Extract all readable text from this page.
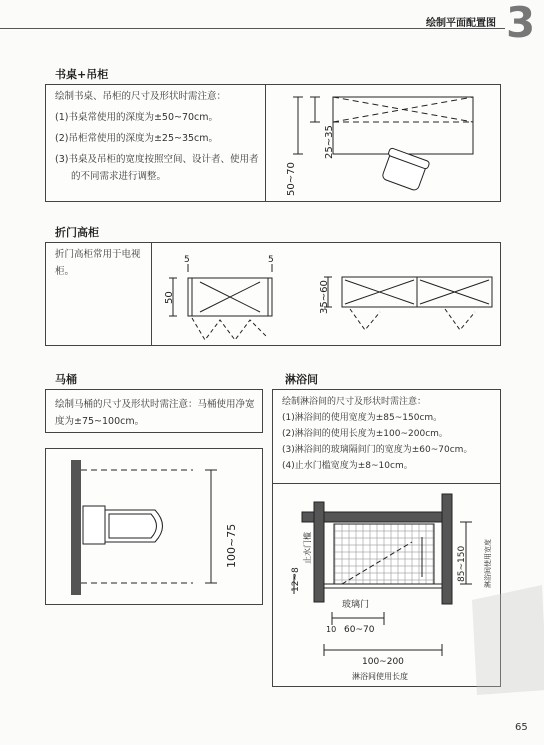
绘制平面配置图 3
书桌+吊柜

绘制书桌、吊柜的尺寸及形状时需注意：

(1)书桌常使用的深度为±50~70cm。

(2)吊柜常使用的深度为±25~35cm。

(3)书桌及吊柜的宽度按照空间、设计者、使用者的不同需求进行调整。	50~70
25~35
折门高柜
折门高柜常用于电视柜。
5	5
50	35~60
马桶
绘制马桶的尺寸及形状时需注意：马桶使用净宽度为±75~100cm。
100~75
淋浴间

绘制淋浴间的尺寸及形状时需注意：

(1)淋浴间的使用宽度为±85~150cm。

(2)淋浴间的使用长度为±100~200cm。

(3)淋浴间的玻璃隔间门的宽度为±60~70cm。

(4)止水门槛宽度为±8~10cm。

止水门槛
12~8
玻璃门
10 60~70
100~200
淋浴间使用长度
85~150 淋浴间使用宽度
65
